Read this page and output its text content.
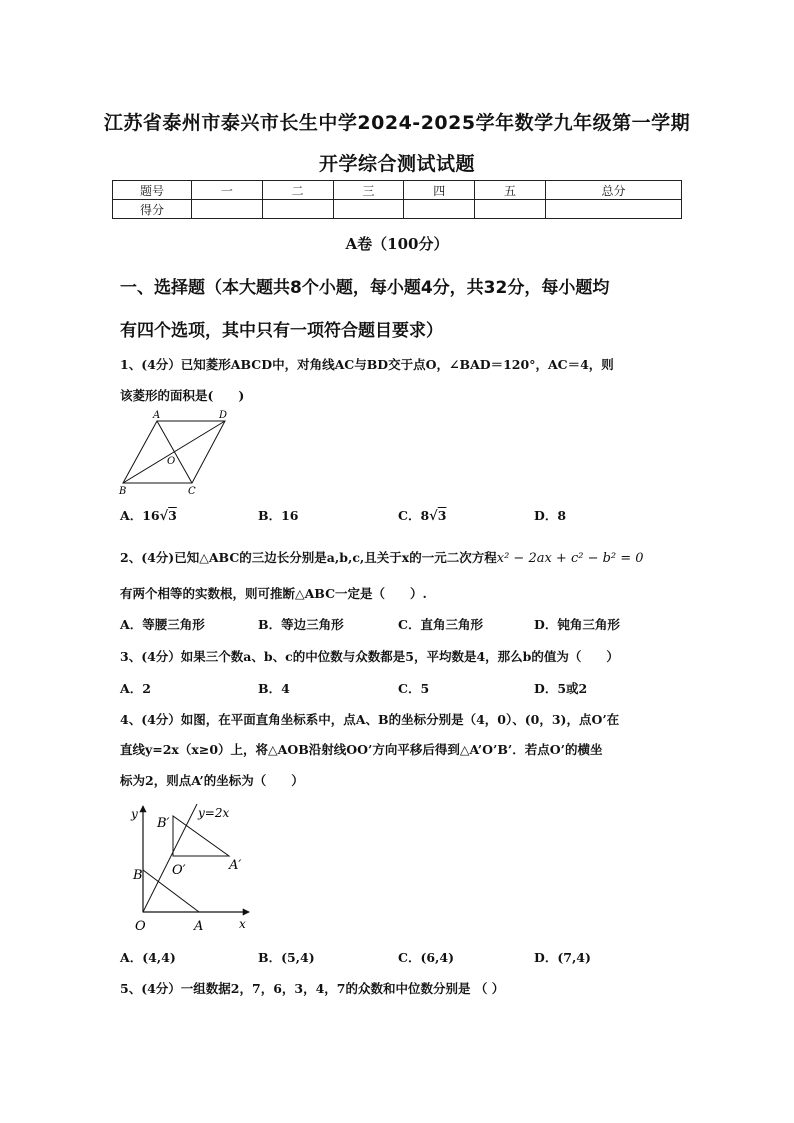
江苏省泰州市泰兴市长生中学2024-2025学年数学九年级第一学期
开学综合测试试题
题号	一	二	三	四	五	总分
得分						
A卷（100分）
一、选择题（本大题共8个小题，每小题4分，共32分，每小题均
有四个选项，其中只有一项符合题目要求）
1、(4分）已知菱形ABCD中，对角线AC与BD交于点O，∠BAD＝120°，AC＝4，则
该菱形的面积是(　　)
A	D
O
B	C
A．16√3	B．16	C．8√3	D．8
2、(4分)已知△ABC的三边长分别是a,b,c,且关于x的一元二次方程x² − 2ax + c² − b² = 0
有两个相等的实数根，则可推断△ABC一定是（　　）.
A．等腰三角形	B．等边三角形	C．直角三角形	D．钝角三角形
3、(4分）如果三个数a、b、c的中位数与众数都是5，平均数是4，那么b的值为（　　）
A．2	B．4	C．5	D．5或2
4、(4分）如图，在平面直角坐标系中，点A、B的坐标分别是（4，0）、(0，3)，点O’在
直线y=2x（x≥0）上，将△AOB沿射线OO’方向平移后得到△A’O’B’．若点O’的横坐
标为2，则点A’的坐标为（　　）
y
x
y=2x
B′
O′	A′
B
O	A
A．(4,4)	B．(5,4)	C．(6,4)	D．(7,4)
5、(4分）一组数据2，7，6，3，4，7的众数和中位数分别是 （ ）
